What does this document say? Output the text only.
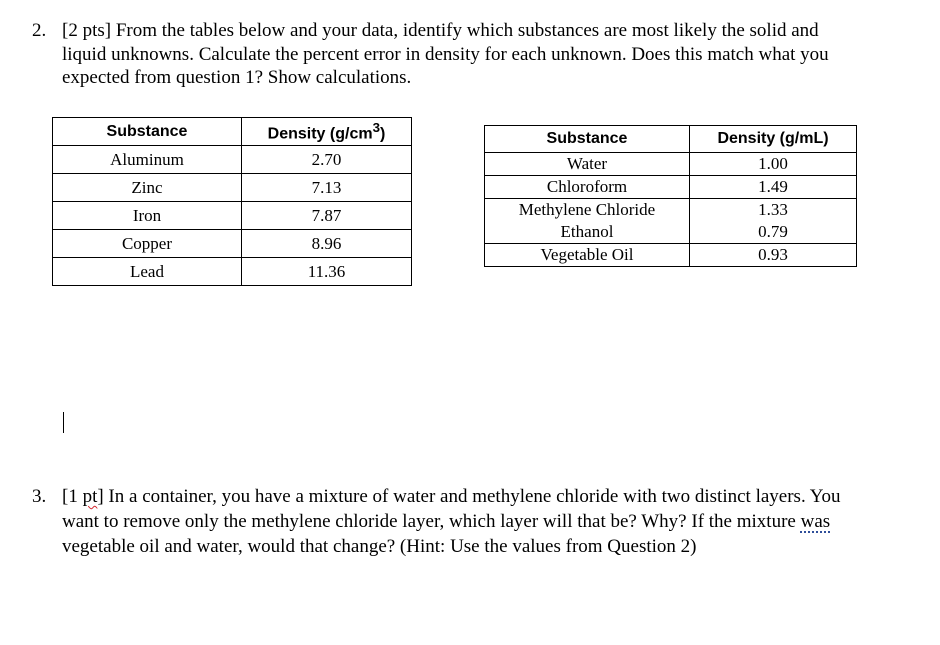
2. [2 pts] From the tables below and your data, identify which substances are most likely the solid and
liquid unknowns. Calculate the percent error in density for each unknown. Does this match what you
expected from question 1? Show calculations.
Substance	Density $(g/cm^3)$
Aluminum	2.70
Zinc	7.13
Iron	7.87
Copper	8.96
Lead	11.36
Substance	Density (g/mL)
Water	1.00
Chloroform	1.49
Methylene Chloride	1.33
Ethanol	0.79
Vegetable Oil	0.93
3. [1 pt] In a container, you have a mixture of water and methylene chloride with two distinct layers. You
want to remove only the methylene chloride layer, which layer will that be? Why? If the mixture was
vegetable oil and water, would that change? (Hint: Use the values from Question 2)
